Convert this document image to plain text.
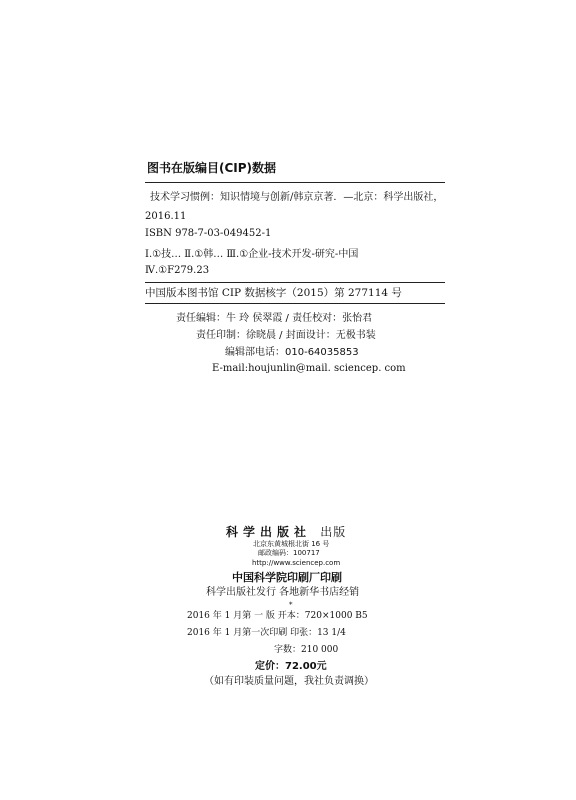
图书在版编目(CIP)数据
技术学习惯例：知识情境与创新/韩京京著．—北京：科学出版社，
2016.11
ISBN 978-7-03-049452-1
Ⅰ.①技… Ⅱ.①韩… Ⅲ.①企业-技术开发-研究-中国
Ⅳ.①F279.23
中国版本图书馆 CIP 数据核字（2015）第 277114 号
责任编辑：牛 玲 侯翠霞 / 责任校对：张怡君
责任印制：徐晓晨 / 封面设计：无极书装
编辑部电话：010-64035853
E-mail:houjunlin@mail. sciencep. com
科学出版社 出版
北京东黄城根北街 16 号
邮政编码：100717
http://www.sciencep.com
中国科学院印刷厂印刷
科学出版社发行 各地新华书店经销
*
2016 年 1 月第 一 版 开本：720×1000 B5
2016 年 1 月第一次印刷 印张：13 1/4
字数：210 000
定价：72.00元
（如有印装质量问题，我社负责调换）
